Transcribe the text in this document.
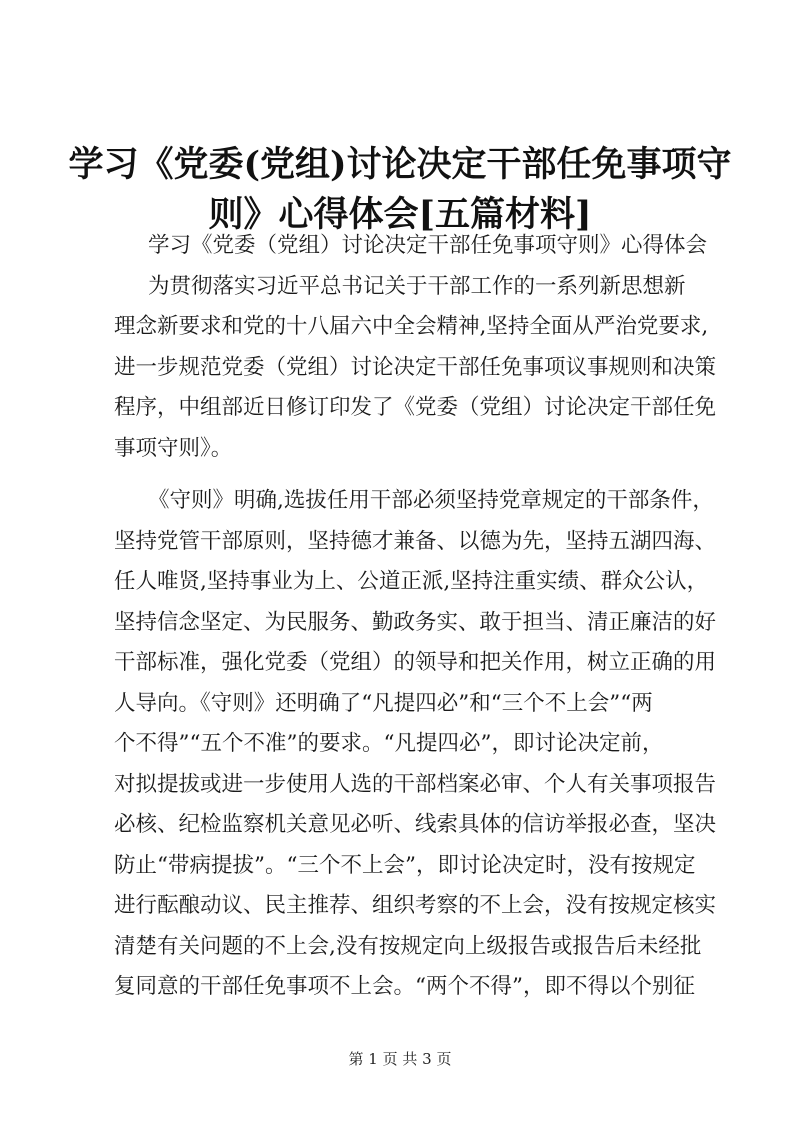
学习《党委(党组)讨论决定干部任免事项守
则》心得体会[五篇材料]
学习《党委（党组）讨论决定干部任免事项守则》心得体会
为贯彻落实习近平总书记关于干部工作的一系列新思想新
理念新要求和党的十八届六中全会精神,坚持全面从严治党要求,
进一步规范党委（党组）讨论决定干部任免事项议事规则和决策
程序，中组部近日修订印发了《党委（党组）讨论决定干部任免
事项守则》。
《守则》明确,选拔任用干部必须坚持党章规定的干部条件，
坚持党管干部原则，坚持德才兼备、以德为先，坚持五湖四海、
任人唯贤,坚持事业为上、公道正派,坚持注重实绩、群众公认，
坚持信念坚定、为民服务、勤政务实、敢于担当、清正廉洁的好
干部标准，强化党委（党组）的领导和把关作用，树立正确的用
人导向。《守则》还明确了“凡提四必”和“三个不上会”“两
个不得”“五个不准”的要求。“凡提四必”，即讨论决定前，
对拟提拔或进一步使用人选的干部档案必审、个人有关事项报告
必核、纪检监察机关意见必听、线索具体的信访举报必查，坚决
防止“带病提拔”。“三个不上会”，即讨论决定时，没有按规定
进行酝酿动议、民主推荐、组织考察的不上会，没有按规定核实
清楚有关问题的不上会,没有按规定向上级报告或报告后未经批
复同意的干部任免事项不上会。“两个不得”，即不得以个别征
第 1 页 共 3 页
